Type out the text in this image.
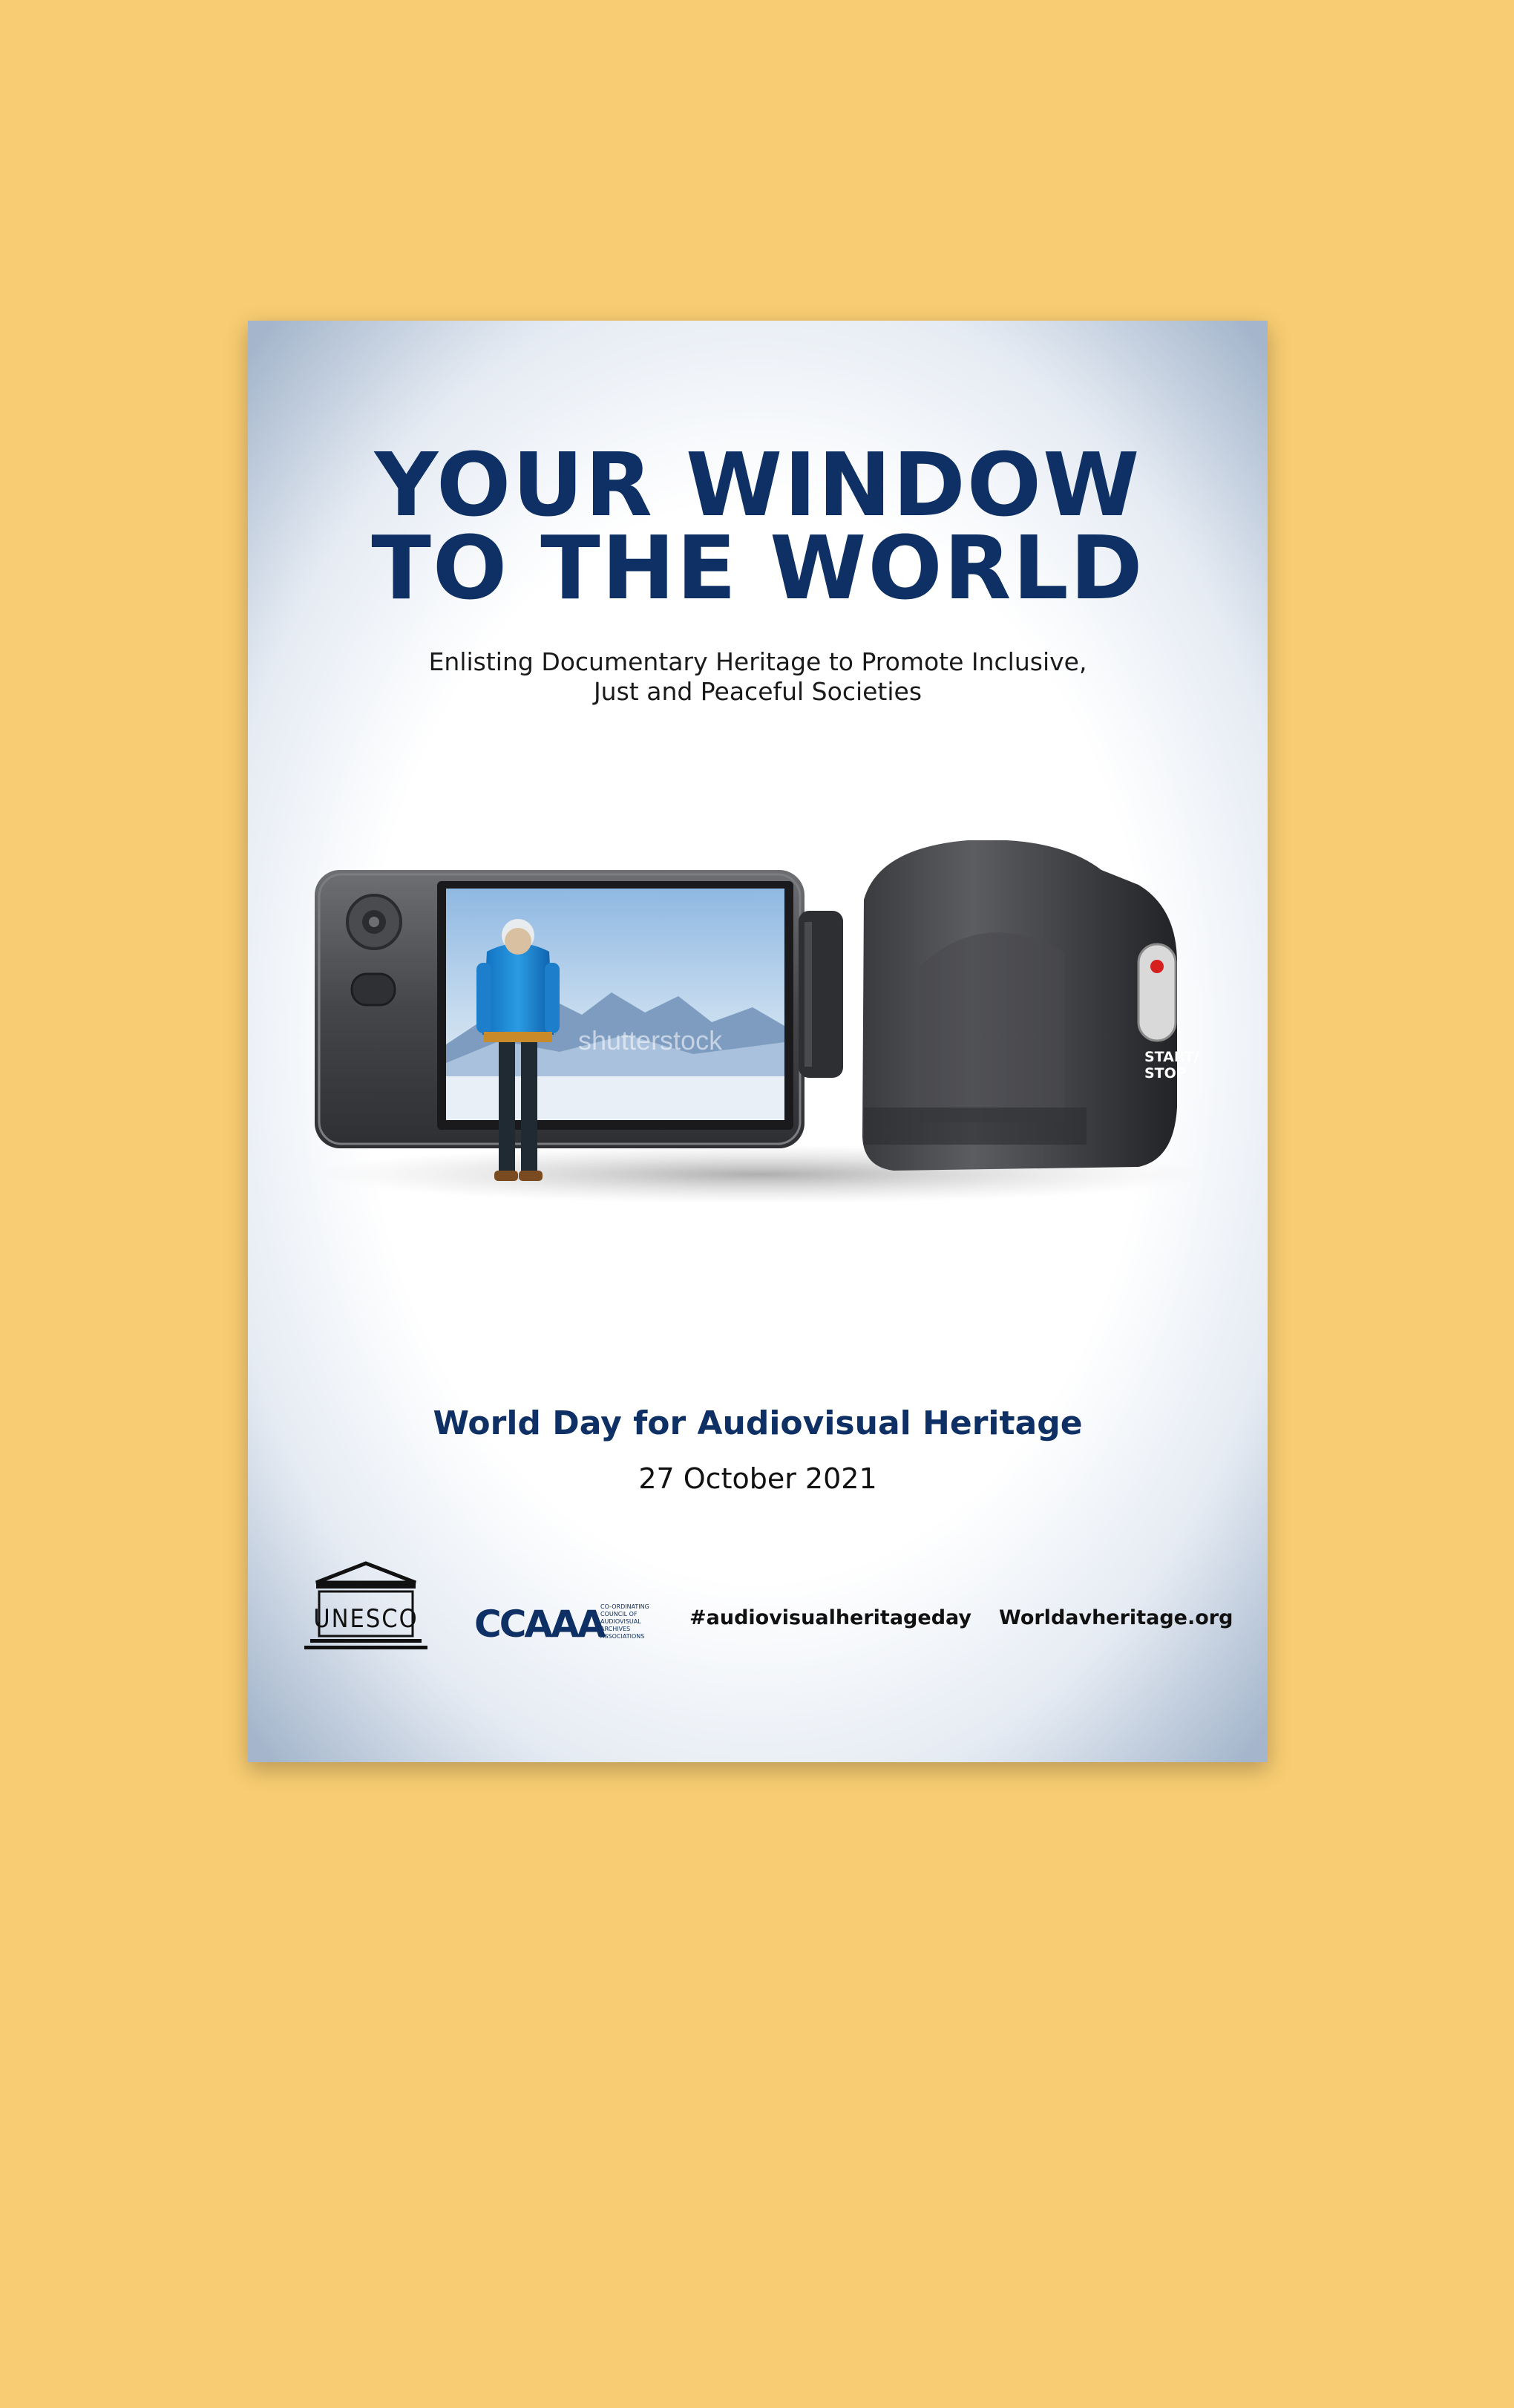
YOUR WINDOW
TO THE WORLD
Enlisting Documentary Heritage to Promote Inclusive,
Just and Peaceful Societies
shutterstock
START/
STOP
World Day for Audiovisual Heritage
27 October 2021
UNESCO CCAAA
CO-ORDINATING
COUNCIL OF
AUDIOVISUAL
ARCHIVES
ASSOCIATIONS
#audiovisualheritageday Worldavheritage.org
